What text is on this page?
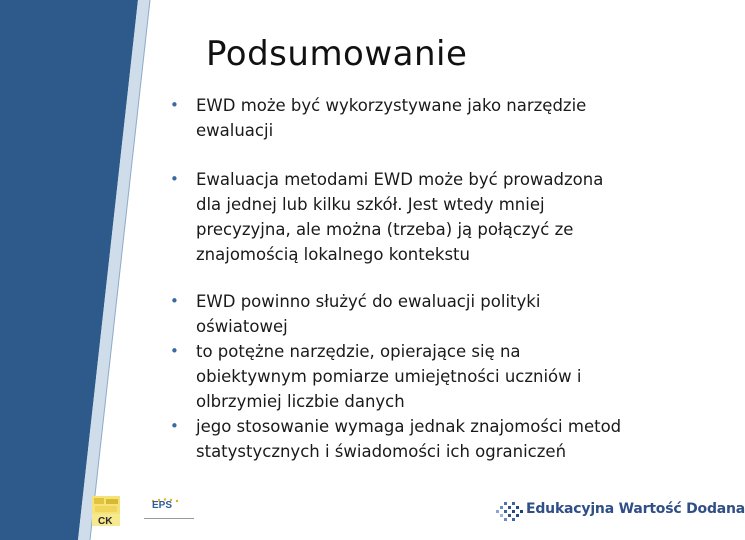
Podsumowanie
• EWD może być wykorzystywane jako narzędzie
ewaluacji
• Ewaluacja metodami EWD może być prowadzona
dla jednej lub kilku szkół. Jest wtedy mniej
precyzyjna, ale można (trzeba) ją połączyć ze
znajomością lokalnego kontekstu
• EWD powinno służyć do ewaluacji polityki
oświatowej
• to potężne narzędzie, opierające się na
obiektywnym pomiarze umiejętności uczniów i
olbrzymiej liczbie danych
• jego stosowanie wymaga jednak znajomości metod
statystycznych i świadomości ich ograniczeń
CK
EPS	Edukacyjna Wartość Dodana
